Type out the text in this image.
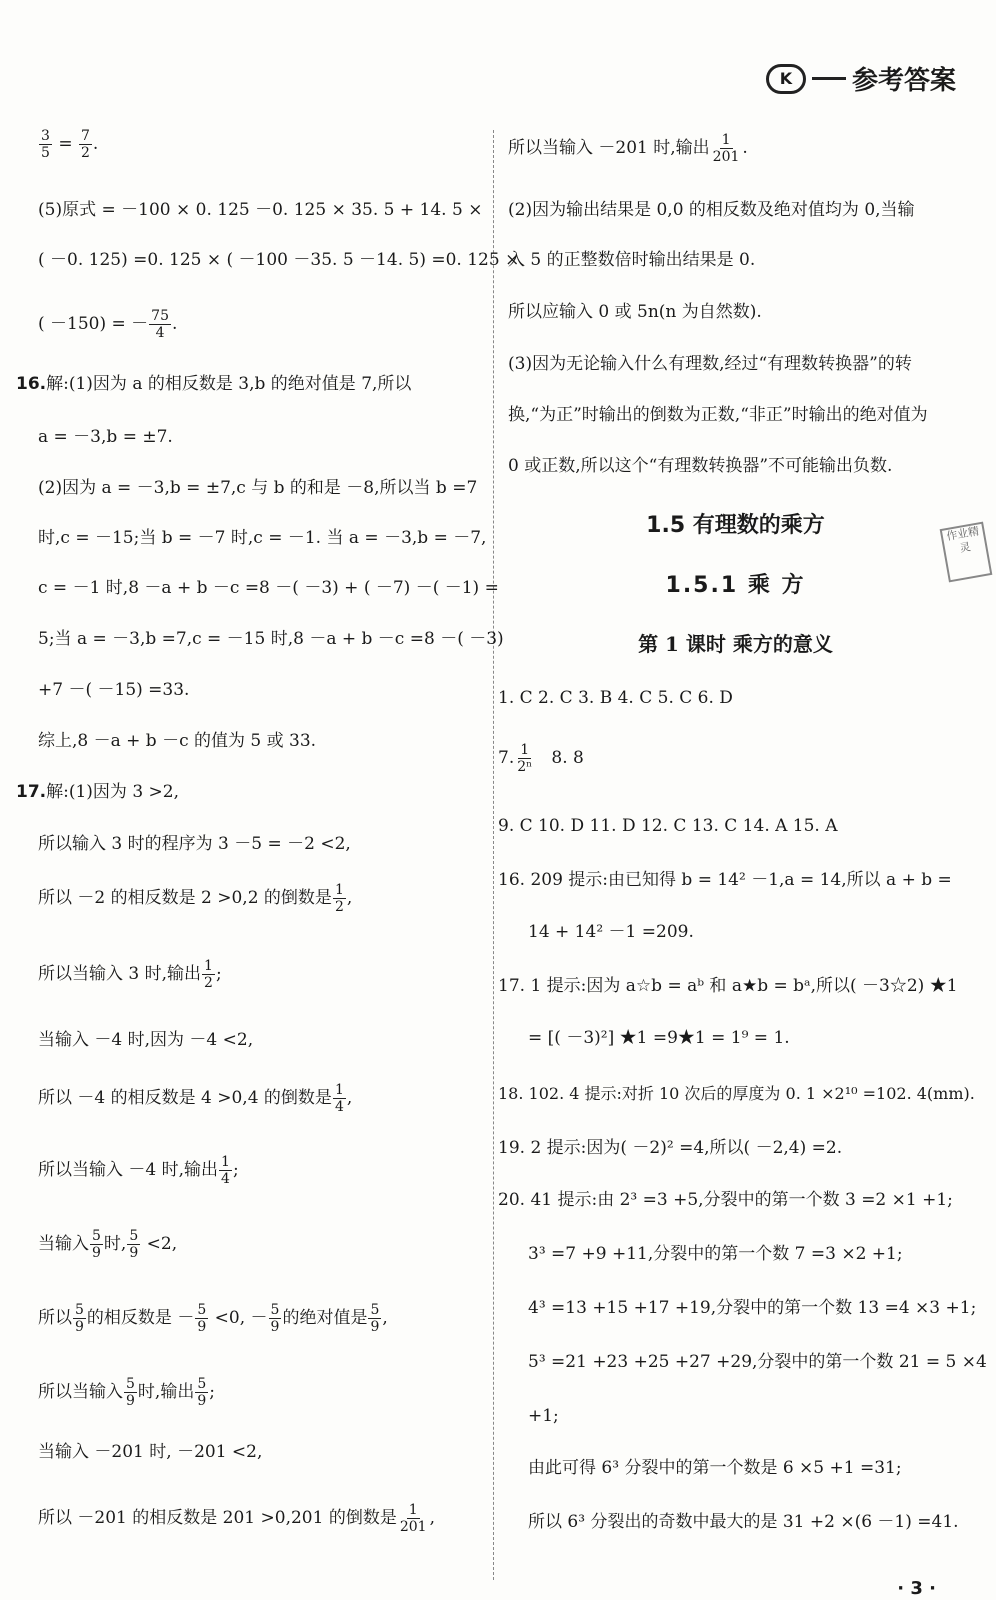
K	参考答案
$\frac{3}{5} = \frac{7}{2}$ .
(5)原式 = －100 × 0. 125 －0. 125 × 35. 5 + 14. 5 ×
( －0. 125) =0. 125 × ( －100 －35. 5 －14. 5) =0. 125 ×
( －150) = － $\frac{75}{4}$ .
16.解:(1)因为 a 的相反数是 3,b 的绝对值是 7,所以
a = －3,b = ±7.
(2)因为 a = －3,b = ±7,c 与 b 的和是 －8,所以当 b =7
时,c = －15;当 b = －7 时,c = －1. 当 a = －3,b = －7,
c = －1 时,8 －a + b －c =8 －( －3) + ( －7) －( －1) =
5;当 a = －3,b =7,c = －15 时,8 －a + b －c =8 －( －3)
+7 －( －15) =33.
综上,8 －a + b －c 的值为 5 或 33.
17.解:(1)因为 3 >2,
所以输入 3 时的程序为 3 －5 = －2 <2,
所以 －2 的相反数是 2 >0,2 的倒数是 $\frac{1}{2}$ ,
所以当输入 3 时,输出 $\frac{1}{2}$ ;
当输入 －4 时,因为 －4 <2,
所以 －4 的相反数是 4 >0,4 的倒数是 $\frac{1}{4}$ ,
所以当输入 －4 时,输出 $\frac{1}{4}$ ;
当输入 $\frac{5}{9}$ 时, $\frac{5}{9} <2$,
所以 $\frac{5}{9}$ 的相反数是 － $\frac{5}{9} <0$, － $\frac{5}{9}$ 的绝对值是 $\frac{5}{9}$ ,
所以当输入 $\frac{5}{9}$ 时,输出 $\frac{5}{9}$ ;
当输入 －201 时, －201 <2,
所以 －201 的相反数是 201 >0,201 的倒数是 $\frac{1}{201}$ ,
所以当输入 －201 时,输出 $\frac{1}{201}$ .
(2)因为输出结果是 0,0 的相反数及绝对值均为 0,当输
入 5 的正整数倍时输出结果是 0.
所以应输入 0 或 5n(n 为自然数).
(3)因为无论输入什么有理数,经过“有理数转换器”的转
换,“为正”时输出的倒数为正数,“非正”时输出的绝对值为
0 或正数,所以这个“有理数转换器”不可能输出负数.
1.5 有理数的乘方
1.5.1 乘 方
第 1 课时 乘方的意义
1. C 2. C 3. B 4. C 5. C 6. D
7. $\frac{1}{\text{2ⁿ}} 8$. 8
9. C 10. D 11. D 12. C 13. C 14. A 15. A
16. 209 提示:由已知得 b = 14² －1,a = 14,所以 a + b =
14 + 14² －1 =209.
17. 1 提示:因为 a☆b = aᵇ 和 a★b = bᵃ,所以( －3☆2) ★1
= [( －3)²] ★1 =9★1 = 1⁹ = 1.
18. 102. 4 提示:对折 10 次后的厚度为 0. 1 ×2¹⁰ =102. 4(mm).
19. 2 提示:因为( －2)² =4,所以( －2,4) =2.
20. 41 提示:由 2³ =3 +5,分裂中的第一个数 3 =2 ×1 +1;
3³ =7 +9 +11,分裂中的第一个数 7 =3 ×2 +1;
4³ =13 +15 +17 +19,分裂中的第一个数 13 =4 ×3 +1;
5³ =21 +23 +25 +27 +29,分裂中的第一个数 21 = 5 ×4
+1;
由此可得 6³ 分裂中的第一个数是 6 ×5 +1 =31;
所以 6³ 分裂出的奇数中最大的是 31 +2 ×(6 －1) =41.
作业精灵
· 3 ·
